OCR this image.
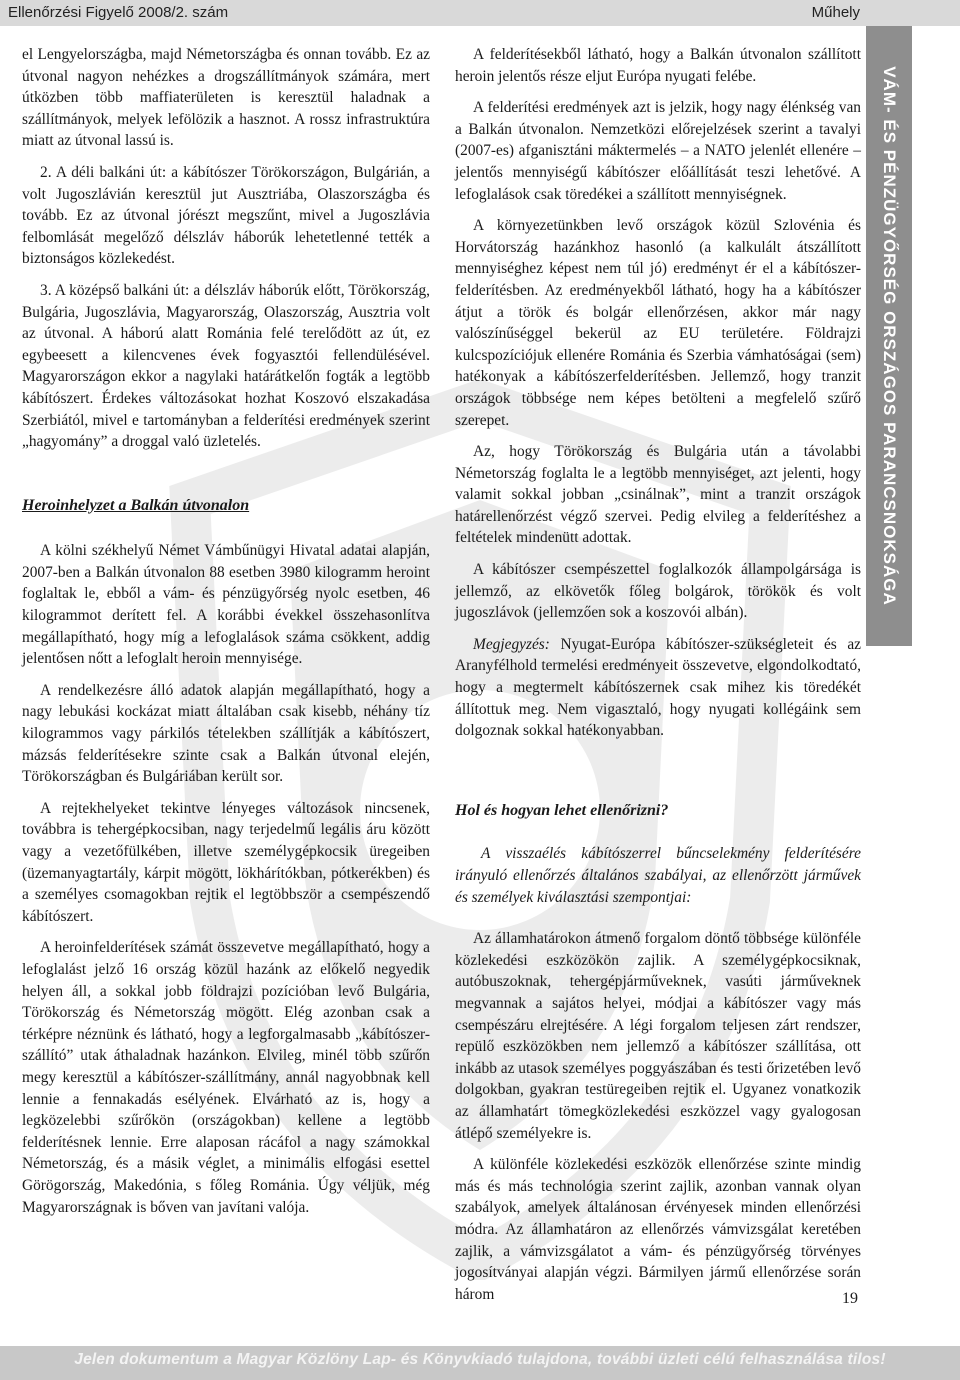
Ellenőrzési Figyelő 2008/2. szám	Műhely

el Lengyelországba, majd Németországba és onnan tovább. Ez az útvonal nagyon nehézkes a drogszállítmányok számára, mert útközben több maffiaterületen is keresztül haladnak a szállítmányok, melyek lefölözik a hasznot. A rossz infrastruktúra miatt az útvonal lassú is.

2. A déli balkáni út: a kábítószer Törökországon, Bulgárián, a volt Jugoszlávián keresztül jut Ausztriába, Olaszországba és tovább. Ez az útvonal jórészt megszűnt, mivel a Jugoszlávia felbomlását megelőző délszláv háborúk lehetetlenné tették a biztonságos közlekedést.

3. A középső balkáni út: a délszláv háborúk előtt, Törökország, Bulgária, Jugoszlávia, Magyarország, Olaszország, Ausztria volt az útvonal. A háború alatt Románia felé terelődött az út, ez egybeesett a kilencvenes évek fogyasztói fellendülésével. Magyarországon ekkor a nagylaki határátkelőn fogták a legtöbb kábítószert. Érdekes változásokat hozhat Koszovó elszakadása Szerbiától, mivel e tartományban a felderítési eredmények szerint „hagyomány” a droggal való üzletelés.

Heroinhelyzet a Balkán útvonalon

A kölni székhelyű Német Vámbűnügyi Hivatal adatai alapján, 2007-ben a Balkán útvonalon 88 esetben 3980 kilogramm heroint foglaltak le, ebből a vám- és pénzügyőrség nyolc esetben, 46 kilogrammot derített fel. A korábbi évekkel összehasonlítva megállapítható, hogy míg a lefoglalások száma csökkent, addig jelentősen nőtt a lefoglalt heroin mennyisége.

A rendelkezésre álló adatok alapján megállapítható, hogy a nagy lebukási kockázat miatt általában csak kisebb, néhány tíz kilogrammos vagy párkilós tételekben szállítják a kábítószert, mázsás felderítésekre szinte csak a Balkán útvonal elején, Törökországban és Bulgáriában került sor.

A rejtekhelyeket tekintve lényeges változások nincsenek, továbbra is tehergépkocsiban, nagy terjedelmű legális áru között vagy a vezetőfülkében, illetve személygépkocsik üregeiben (üzemanyagtartály, kárpit mögött, lökhárítókban, pótkerékben) és a személyes csomagokban rejtik el legtöbbször a csempészendő kábítószert.

A heroinfelderítések számát összevetve megállapítható, hogy a lefoglalást jelző 16 ország közül hazánk az előkelő negyedik helyen áll, a sokkal jobb földrajzi pozícióban levő Bulgária, Törökország és Németország mögött. Elég azonban csak a térképre néznünk és látható, hogy a legforgalmasabb „kábítószer-szállító” utak áthaladnak hazánkon. Elvileg, minél több szűrőn megy keresztül a kábítószer-szállítmány, annál nagyobbnak kell lennie a fennakadás esélyének. Elvárható az is, hogy a legközelebbi szűrőkön (országokban) kellene a legtöbb felderítésnek lennie. Erre alaposan rácáfol a nagy számokkal Németország, és a másik véglet, a minimális elfogási esettel Görögország, Makedónia, s főleg Románia. Úgy véljük, még Magyarországnak is bőven van javítani valója.

A felderítésekből látható, hogy a Balkán útvonalon szállított heroin jelentős része eljut Európa nyugati felébe.

A felderítési eredmények azt is jelzik, hogy nagy élénkség van a Balkán útvonalon. Nemzetközi előrejelzések szerint a tavalyi (2007-es) afganisztáni máktermelés – a NATO jelenlét ellenére – jelentős mennyiségű kábítószer előállítását teszi lehetővé. A lefoglalások csak töredékei a szállított mennyiségnek.

A környezetünkben levő országok közül Szlovénia és Horvátország hazánkhoz hasonló (a kalkulált átszállított mennyiséghez képest nem túl jó) eredményt ér el a kábítószer-felderítésben. Az eredményekből látható, hogy ha a kábítószer átjut a török és bolgár ellenőrzésen, akkor már nagy valószínűséggel bekerül az EU területére. Földrajzi kulcspozíciójuk ellenére Románia és Szerbia vámhatóságai (sem) hatékonyak a kábítószerfelderítésben. Jellemző, hogy tranzit országok többsége nem képes betölteni a megfelelő szűrő szerepet.

Az, hogy Törökország és Bulgária után a távolabbi Németország foglalta le a legtöbb mennyiséget, azt jelenti, hogy valamit sokkal jobban „csinálnak”, mint a tranzit országok határellenőrzést végző szervei. Pedig elvileg a felderítéshez a feltételek mindenütt adottak.

A kábítószer csempészettel foglalkozók állampolgársága is jellemző, az elkövetők főleg bolgárok, törökök és volt jugoszlávok (jellemzően sok a koszovói albán).

Megjegyzés: Nyugat-Európa kábítószer-szükségleteit és az Aranyfélhold termelési eredményeit összevetve, elgondolkodtató, hogy a megtermelt kábítószernek csak mihez kis töredékét állítottuk meg. Nem vigasztaló, hogy nyugati kollégáink sem dolgoznak sokkal hatékonyabban.

Hol és hogyan lehet ellenőrizni?

A visszaélés kábítószerrel bűncselekmény felderítésére irányuló ellenőrzés általános szabályai, az ellenőrzött járművek és személyek kiválasztási szempontjai:

Az államhatárokon átmenő forgalom döntő többsége különféle közlekedési eszközökön zajlik. A személygépkocsiknak, autóbuszoknak, tehergépjárműveknek, vasúti járműveknek megvannak a sajátos helyei, módjai a kábítószer vagy más csempészáru elrejtésére. A légi forgalom teljesen zárt rendszer, repülő eszközökben nem jellemző a kábítószer szállítása, ott inkább az utasok személyes poggyászában és testi őrizetében levő dolgokban, gyakran testüregeiben rejtik el. Ugyanez vonatkozik az államhatárt tömegközlekedési eszközzel vagy gyalogosan átlépő személyekre is.

A különféle közlekedési eszközök ellenőrzése szinte mindig más és más technológia szerint zajlik, azonban vannak olyan szabályok, amelyek általánosan érvényesek minden ellenőrzési módra. Az államhatáron az ellenőrzés vámvizsgálat keretében zajlik, a vámvizsgálatot a vám- és pénzügyőrség törvényes jogosítványai alapján végzi. Bármilyen jármű ellenőrzése során három

VÁM- ÉS PÉNZÜGYŐRSÉG ORSZÁGOS PARANCSNOKSÁGA
19
Jelen dokumentum a Magyar Közlöny Lap- és Könyvkiadó tulajdona, további üzleti célú felhasználása tilos!
